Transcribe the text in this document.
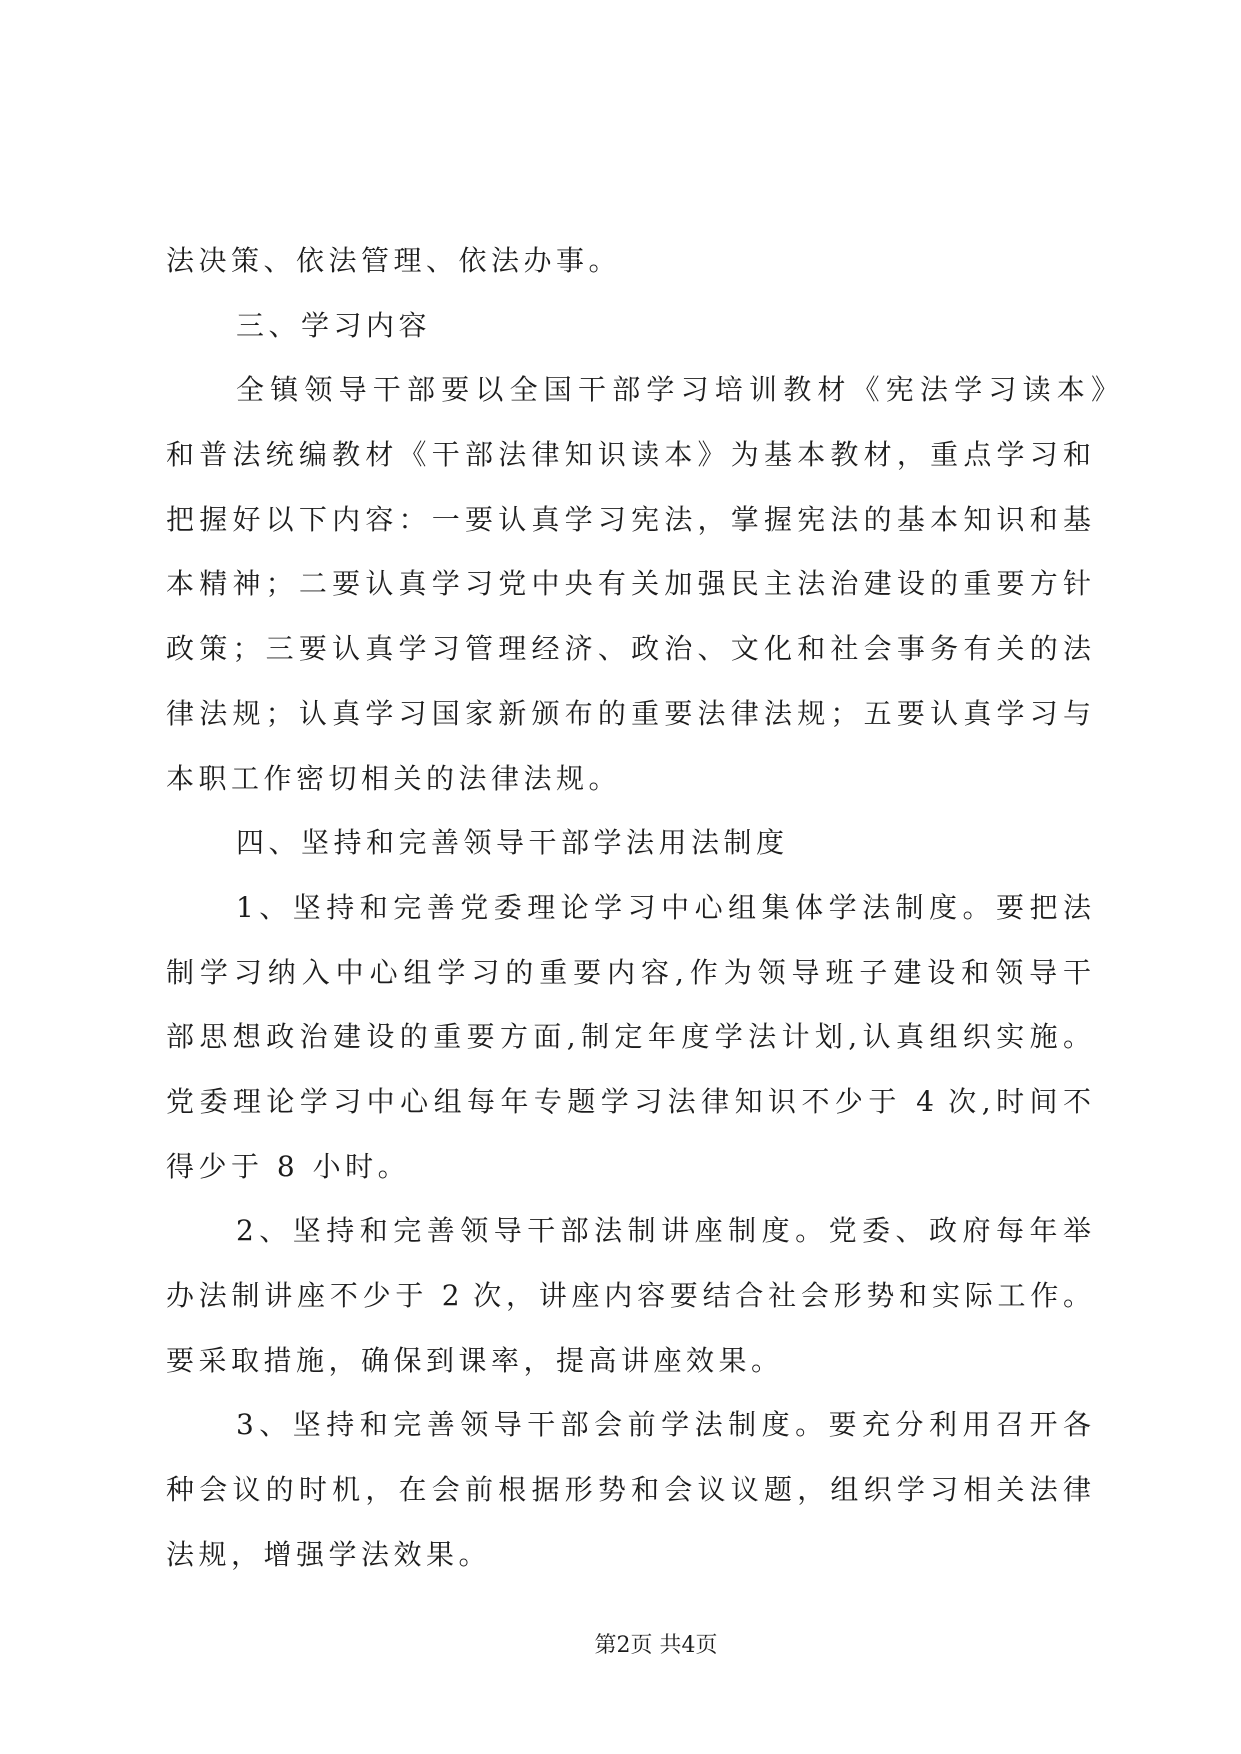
法决策、依法管理、依法办事。
三、学习内容
全镇领导干部要以全国干部学习培训教材《宪法学习读本》
和普法统编教材《干部法律知识读本》为基本教材，重点学习和
把握好以下内容：一要认真学习宪法，掌握宪法的基本知识和基
本精神；二要认真学习党中央有关加强民主法治建设的重要方针
政策；三要认真学习管理经济、政治、文化和社会事务有关的法
律法规；认真学习国家新颁布的重要法律法规；五要认真学习与
本职工作密切相关的法律法规。
四、坚持和完善领导干部学法用法制度
1、坚持和完善党委理论学习中心组集体学法制度。要把法
制学习纳入中心组学习的重要内容,作为领导班子建设和领导干
部思想政治建设的重要方面,制定年度学法计划,认真组织实施。
党委理论学习中心组每年专题学习法律知识不少于 4 次,时间不
得少于 8 小时。
2、坚持和完善领导干部法制讲座制度。党委、政府每年举
办法制讲座不少于 2 次，讲座内容要结合社会形势和实际工作。
要采取措施，确保到课率，提高讲座效果。
3、坚持和完善领导干部会前学法制度。要充分利用召开各
种会议的时机，在会前根据形势和会议议题，组织学习相关法律
法规，增强学法效果。
第2页 共4页
